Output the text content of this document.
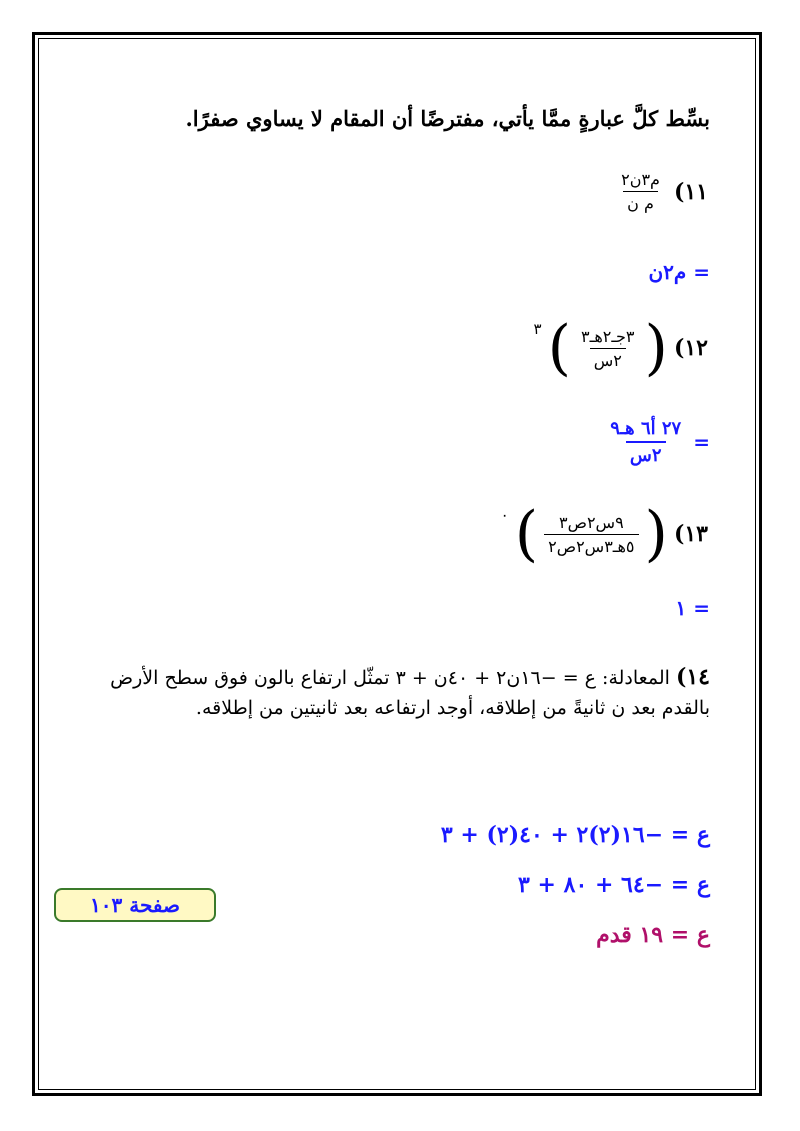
بسِّط كلَّ عبارةٍ ممَّا يأتي، مفترضًا أن المقام لا يساوي صفرًا.
١١)
$\frac{\text{م٣ن٢}}{\text{م ن}}$
= م٢ن
١٢)
(
$\frac{\text{٣جـ٢هـ٣}}{\text{٢س}}$
)
٣
=
$\frac{\text{٢٧ أ٦ هـ٩}}{\text{٢س}}$
١٣)
(
$\frac{\text{٩س٢ص٣}}{\text{٥هـ٣س٢ص٢}}$
)
٠
١ =
١٤) المعادلة: ع = −١٦ن٢ + ٤٠ن + ٣ تمثّل ارتفاع بالون فوق سطح الأرض بالقدم بعد ن ثانيةً من إطلاقه، أوجد ارتفاعه بعد ثانيتين من إطلاقه.
ع = −١٦(٢)٢ + ٤٠(٢) + ٣
ع = −٦٤ + ٨٠ + ٣
ع = ١٩ قدم
صفحة ١٠٣
